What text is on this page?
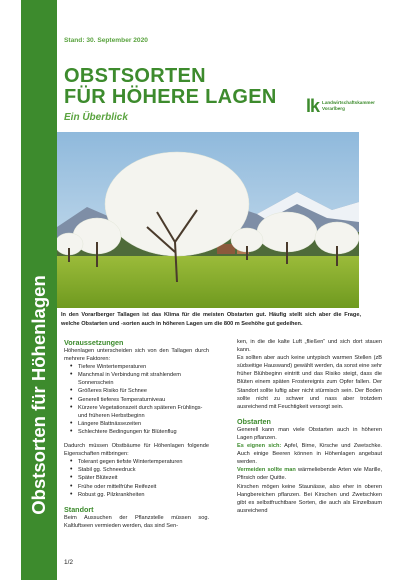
Obstsorten für Höhenlagen
Stand: 30. September 2020
OBSTSORTEN
FÜR HÖHERE LAGEN
Ein Überblick
lk Landwirtschaftskammer
Vorarlberg
In den Vorarlberger Tallagen ist das Klima für die meisten Obstarten gut. Häufig stellt sich aber die Frage, welche Obstarten und -sorten auch in höheren Lagen um die 800 m Seehöhe gut gedeihen.
Voraussetzungen

Höhenlagen unterscheiden sich von den Tallagen durch mehrere Faktoren:

• Tiefere Wintertemperaturen
• Manchmal in Verbindung mit strahlendem Sonnenschein
• Größeres Risiko für Schnee
• Generell tieferes Temperaturniveau
• Kürzere Vegetationszeit durch späteren Frühlings- und früheren Herbstbeginn
• Längere Blattnässezeiten
• Schlechtere Bedingungen für Blütenflug

Dadurch müssen Obstbäume für Höhenlagen folgende Eigenschaften mitbringen:

• Tolerant gegen tiefste Wintertemperaturen
• Stabil gg. Schneedruck
• Später Blütezeit
• Frühe oder mittelfrühe Reifezeit
• Robust gg. Pilzkrankheiten
Standort

Beim Aussuchen der Pflanzstelle müssen sog. Kaltluftseen vermieden werden, das sind Sen-

ken, in die die kalte Luft „fließen“ und sich dort stauen kann.

Es sollten aber auch keine untypisch warmen Stellen (zB südseitige Hauswand) gewählt werden, da sonst eine sehr früher Blühbeginn eintritt und das Risiko steigt, dass die Blüten einem späten Frostereignis zum Opfer fallen. Der Standort sollte luftig aber nicht stürmisch sein. Der Boden sollte nicht zu schwer und nass aber trotzdem ausreichend mit Feuchtigkeit versorgt sein.

Obstarten

Generell kann man viele Obstarten auch in höheren Lagen pflanzen.

Es eignen sich: Apfel, Birne, Kirsche und Zwetschke. Auch einige Beeren können in Höhenlagen angebaut werden.

Vermeiden sollte man wärmeliebende Arten wie Marille, Pfirsich oder Quitte.

Kirschen mögen keine Staunässe, also eher in oberen Hangbereichen pflanzen. Bei Kirschen und Zwetschken gibt es selbstfruchtbare Sorten, die auch als Einzelbaum ausreichend

1/2
